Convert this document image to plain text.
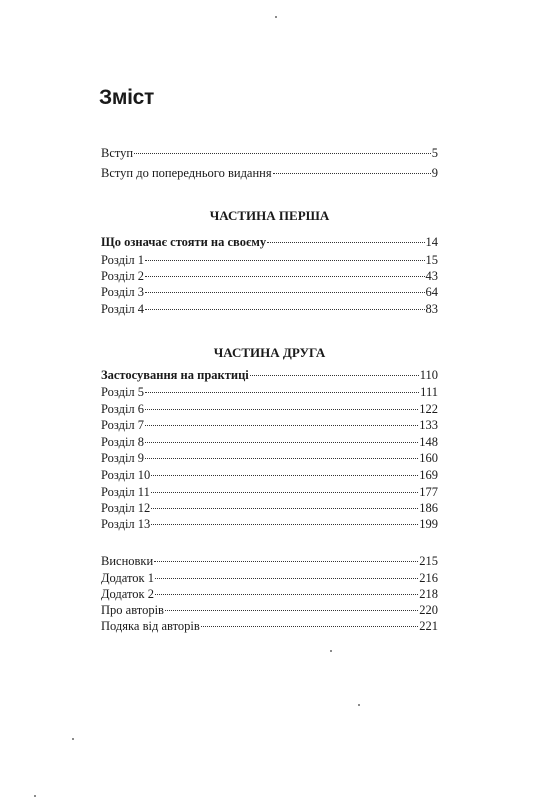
Зміст
Вступ	5
Вступ до попереднього видання	9
ЧАСТИНА ПЕРША
Що означає стояти на своєму	14
Розділ 1	15
Розділ 2	43
Розділ 3	64
Розділ 4	83
ЧАСТИНА ДРУГА
Застосування на практиці	110
Розділ 5	111
Розділ 6	122
Розділ 7	133
Розділ 8	148
Розділ 9	160
Розділ 10	169
Розділ 11	177
Розділ 12	186
Розділ 13	199
Висновки	215
Додаток 1	216
Додаток 2	218
Про авторів	220
Подяка від авторів	221
